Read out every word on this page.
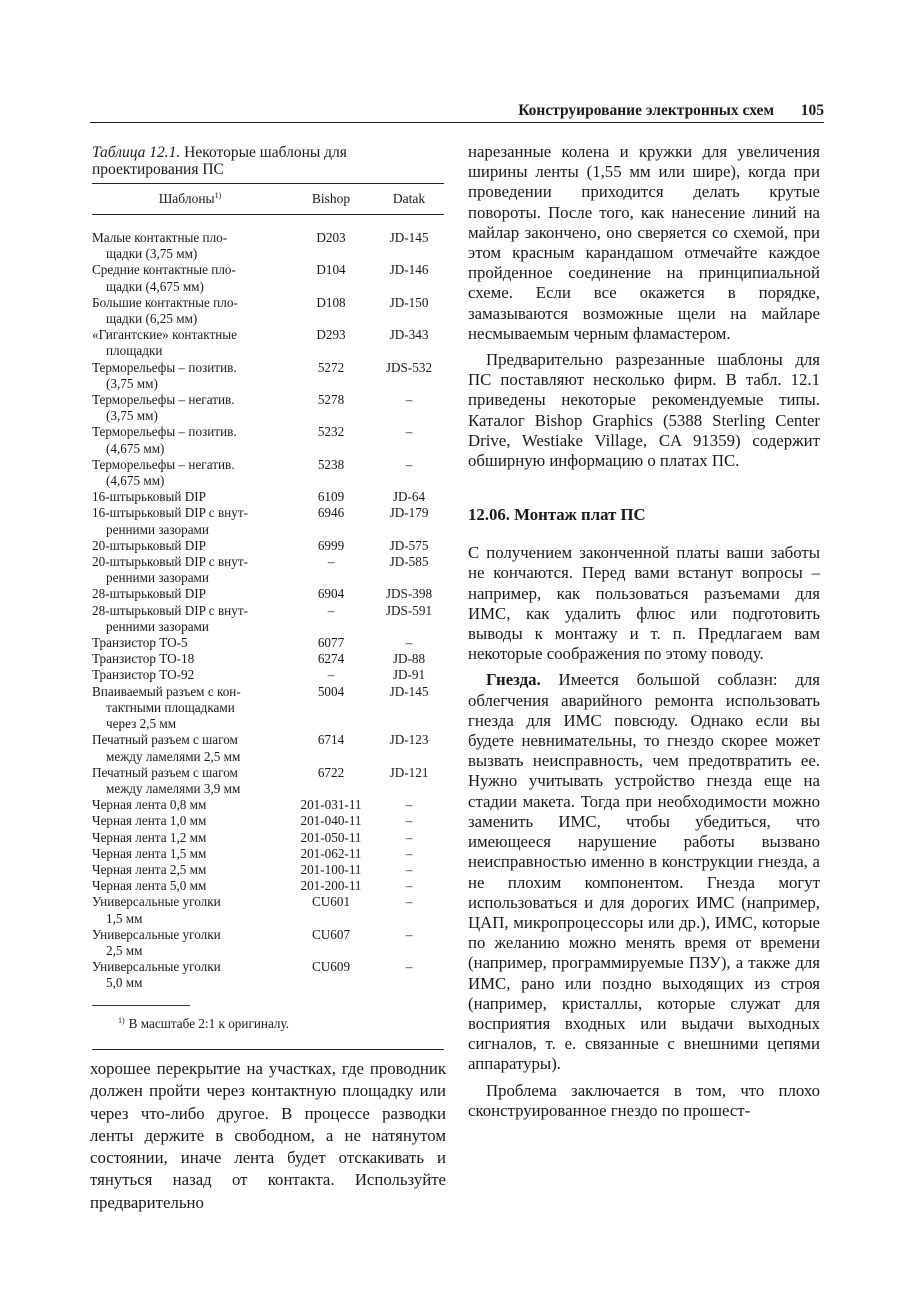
Конструирование электронных схем 105

Таблица 12.1. Некоторые шаблоны для проектирования ПС

Шаблоны$^{1)}$	Bishop	Datak
Малые контактные пло-
щадки (3,75 мм)
D203	JD-145
Средние контактные пло-
щадки (4,675 мм)
D104	JD-146
Большие контактные пло-
щадки (6,25 мм)
D108	JD-150
«Гигантские» контактные
площадки
D293	JD-343
Терморельефы – позитив.
(3,75 мм)
5272	JDS-532
Терморельефы – негатив.
(3,75 мм)
5278	–
Терморельефы – позитив.
(4,675 мм)
5232	–
Терморельефы – негатив.
(4,675 мм)
5238	–
16-штырьковый DIP	6109	JD-64
16-штырьковый DIP с внут-
ренними зазорами
6946	JD-179
20-штырьковый DIP	6999	JD-575
20-штырьковый DIP с внут-
ренними зазорами
–	JD-585
28-штырьковый DIP	6904	JDS-398
28-штырьковый DIP с внут-
ренними зазорами
–	JDS-591
Транзистор ТО-5	6077	–
Транзистор ТО-18	6274	JD-88
Транзистор ТО-92	–	JD-91
Впаиваемый разъем с кон-
тактными площадками
через 2,5 мм
5004	JD-145
Печатный разъем с шагом
между ламелями 2,5 мм
6714	JD-123
Печатный разъем с шагом
между ламелями 3,9 мм
6722	JD-121
Черная лента 0,8 мм	201-031-11	–
Черная лента 1,0 мм	201-040-11	–
Черная лента 1,2 мм	201-050-11	–
Черная лента 1,5 мм	201-062-11	–
Черная лента 2,5 мм	201-100-11	–
Черная лента 5,0 мм	201-200-11	–
Универсальные уголки
1,5 мм
CU601	–
Универсальные уголки
2,5 мм
CU607	–
Универсальные уголки
5,0 мм
CU609	–
$^{1)}$ В масштабе 2:1 к оригиналу.

хорошее перекрытие на участках, где проводник должен пройти через контактную площадку или через что-либо другое. В процессе разводки ленты держите в свободном, а не натянутом состоянии, иначе лента будет отскакивать и тянуться назад от контакта. Используйте предварительно

нарезанные колена и кружки для увеличения ширины ленты (1,55 мм или шире), когда при проведении приходится делать крутые повороты. После того, как нанесение линий на майлар закончено, оно сверяется со схемой, при этом красным карандашом отмечайте каждое пройденное соединение на принципиальной схеме. Если все окажется в порядке, замазываются возможные щели на майларе несмываемым черным фламастером.

Предварительно разрезанные шаблоны для ПС поставляют несколько фирм. В табл. 12.1 приведены некоторые рекомендуемые типы. Каталог Bishop Graphics (5388 Sterling Center Drive, Westiake Village, CA 91359) содержит обширную информацию о платах ПС.

12.06. Монтаж плат ПС

С получением законченной платы ваши заботы не кончаются. Перед вами встанут вопросы – например, как пользоваться разъемами для ИМС, как удалить флюс или подготовить выводы к монтажу и т. п. Предлагаем вам некоторые соображения по этому поводу.

Гнезда. Имеется большой соблазн: для облегчения аварийного ремонта использовать гнезда для ИМС повсюду. Однако если вы будете невнимательны, то гнездо скорее может вызвать неисправность, чем предотвратить ее. Нужно учитывать устройство гнезда еще на стадии макета. Тогда при необходимости можно заменить ИМС, чтобы убедиться, что имеющееся нарушение работы вызвано неисправностью именно в конструкции гнезда, а не плохим компонентом. Гнезда могут использоваться и для дорогих ИМС (например, ЦАП, микропроцессоры или др.), ИМС, которые по желанию можно менять время от времени (например, программируемые ПЗУ), а также для ИМС, рано или поздно выходящих из строя (например, кристаллы, которые служат для восприятия входных или выдачи выходных сигналов, т. е. связанные с внешними цепями аппаратуры).

Проблема заключается в том, что плохо сконструированное гнездо по прошест-
